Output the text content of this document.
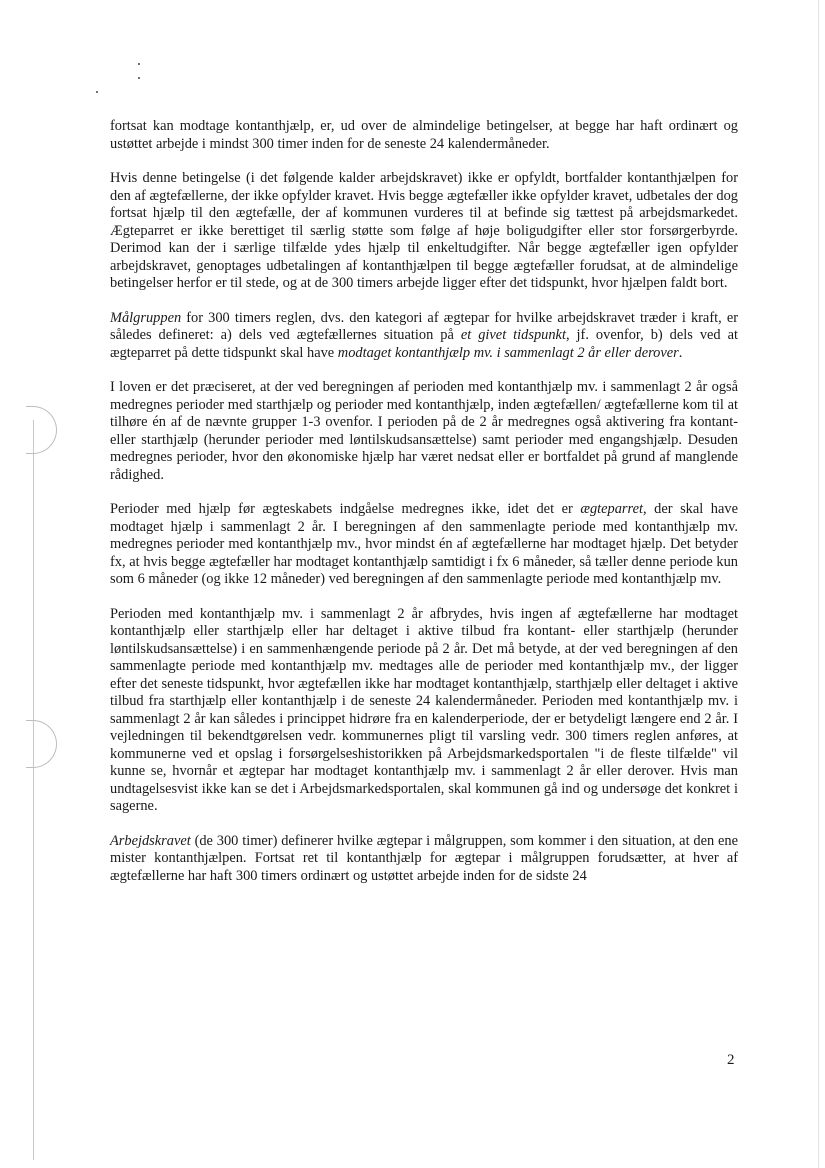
fortsat kan modtage kontanthjælp, er, ud over de almindelige betingelser, at begge har haft ordinært og ustøttet arbejde i mindst 300 timer inden for de seneste 24 kalendermåneder.

Hvis denne betingelse (i det følgende kalder arbejdskravet) ikke er opfyldt, bortfalder kontanthjælpen for den af ægtefællerne, der ikke opfylder kravet. Hvis begge ægtefæller ikke opfylder kravet, udbetales der dog fortsat hjælp til den ægtefælle, der af kommunen vurderes til at befinde sig tættest på arbejdsmarkedet. Ægteparret er ikke berettiget til særlig støtte som følge af høje boligudgifter eller stor forsørgerbyrde. Derimod kan der i særlige tilfælde ydes hjælp til enkeltudgifter. Når begge ægtefæller igen opfylder arbejdskravet, genoptages udbetalingen af kontanthjælpen til begge ægtefæller forudsat, at de almindelige betingelser herfor er til stede, og at de 300 timers arbejde ligger efter det tidspunkt, hvor hjælpen faldt bort.

Målgruppen for 300 timers reglen, dvs. den kategori af ægtepar for hvilke arbejdskravet træder i kraft, er således defineret: a) dels ved ægtefællernes situation på et givet tidspunkt, jf. ovenfor, b) dels ved at ægteparret på dette tidspunkt skal have modtaget kontanthjælp mv. i sammenlagt 2 år eller derover.

I loven er det præciseret, at der ved beregningen af perioden med kontanthjælp mv. i sammenlagt 2 år også medregnes perioder med starthjælp og perioder med kontanthjælp, inden ægtefællen/ ægtefællerne kom til at tilhøre én af de nævnte grupper 1-3 ovenfor. I perioden på de 2 år medregnes også aktivering fra kontant- eller starthjælp (herunder perioder med løntilskudsansættelse) samt perioder med engangshjælp. Desuden medregnes perioder, hvor den økonomiske hjælp har været nedsat eller er bortfaldet på grund af manglende rådighed.

Perioder med hjælp før ægteskabets indgåelse medregnes ikke, idet det er ægteparret, der skal have modtaget hjælp i sammenlagt 2 år. I beregningen af den sammenlagte periode med kontanthjælp mv. medregnes perioder med kontanthjælp mv., hvor mindst én af ægtefællerne har modtaget hjælp. Det betyder fx, at hvis begge ægtefæller har modtaget kontanthjælp samtidigt i fx 6 måneder, så tæller denne periode kun som 6 måneder (og ikke 12 måneder) ved beregningen af den sammenlagte periode med kontanthjælp mv.

Perioden med kontanthjælp mv. i sammenlagt 2 år afbrydes, hvis ingen af ægtefællerne har modtaget kontanthjælp eller starthjælp eller har deltaget i aktive tilbud fra kontant- eller starthjælp (herunder løntilskudsansættelse) i en sammenhængende periode på 2 år. Det må betyde, at der ved beregningen af den sammenlagte periode med kontanthjælp mv. medtages alle de perioder med kontanthjælp mv., der ligger efter det seneste tidspunkt, hvor ægtefællen ikke har modtaget kontanthjælp, starthjælp eller deltaget i aktive tilbud fra starthjælp eller kontanthjælp i de seneste 24 kalendermåneder. Perioden med kontanthjælp mv. i sammenlagt 2 år kan således i princippet hidrøre fra en kalenderperiode, der er betydeligt længere end 2 år. I vejledningen til bekendtgørelsen vedr. kommunernes pligt til varsling vedr. 300 timers reglen anføres, at kommunerne ved et opslag i forsørgelseshistorikken på Arbejdsmarkedsportalen "i de fleste tilfælde" vil kunne se, hvornår et ægtepar har modtaget kontanthjælp mv. i sammenlagt 2 år eller derover. Hvis man undtagelsesvist ikke kan se det i Arbejdsmarkedsportalen, skal kommunen gå ind og undersøge det konkret i sagerne.

Arbejdskravet (de 300 timer) definerer hvilke ægtepar i målgruppen, som kommer i den situation, at den ene mister kontanthjælpen. Fortsat ret til kontanthjælp for ægtepar i målgruppen forudsætter, at hver af ægtefællerne har haft 300 timers ordinært og ustøttet arbejde inden for de sidste 24

2
